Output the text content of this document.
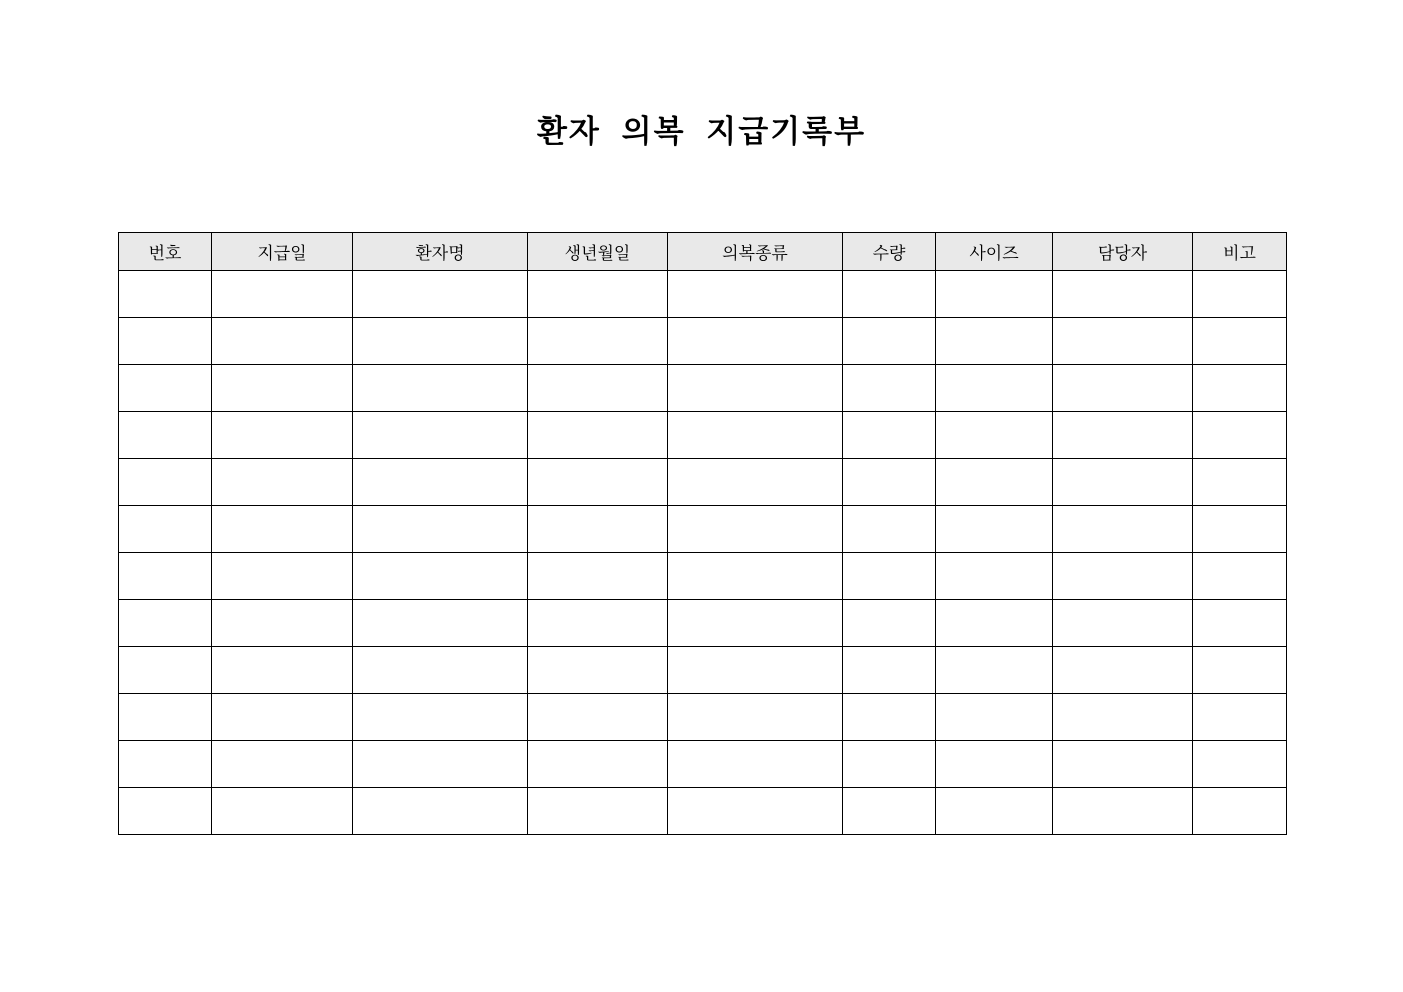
환자 의복 지급기록부
번호	지급일	환자명	생년월일	의복종류	수량	사이즈	담당자	비고
